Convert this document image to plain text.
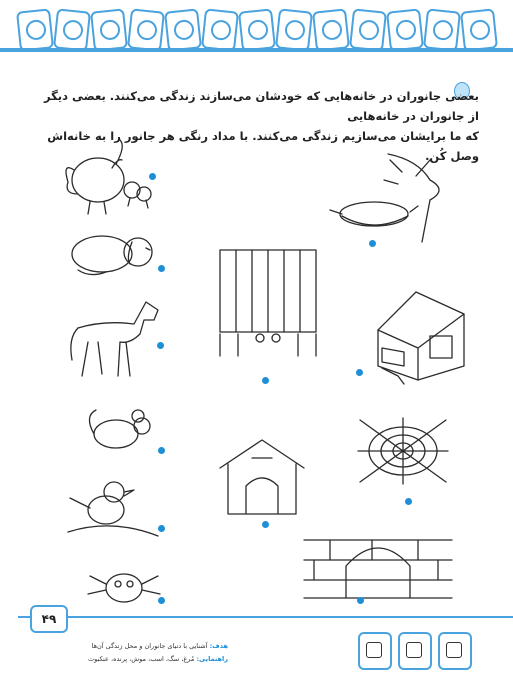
بعضی جانوران در خانه‌هایی که خودشان می‌سازند زندگی می‌کنند. بعضی دیگر از جانوران در خانه‌هایی
که ما برایشان می‌سازیم زندگی می‌کنند. با مداد رنگی هر جانور را به خانه‌اش وصل کُن.
۴۹
هدف: آشنایی با دنیای جانوران و محل زندگی آن‌ها
راهنمایی: مُرغ، سگ، اسب، موش، پرنده، عنکبوت
